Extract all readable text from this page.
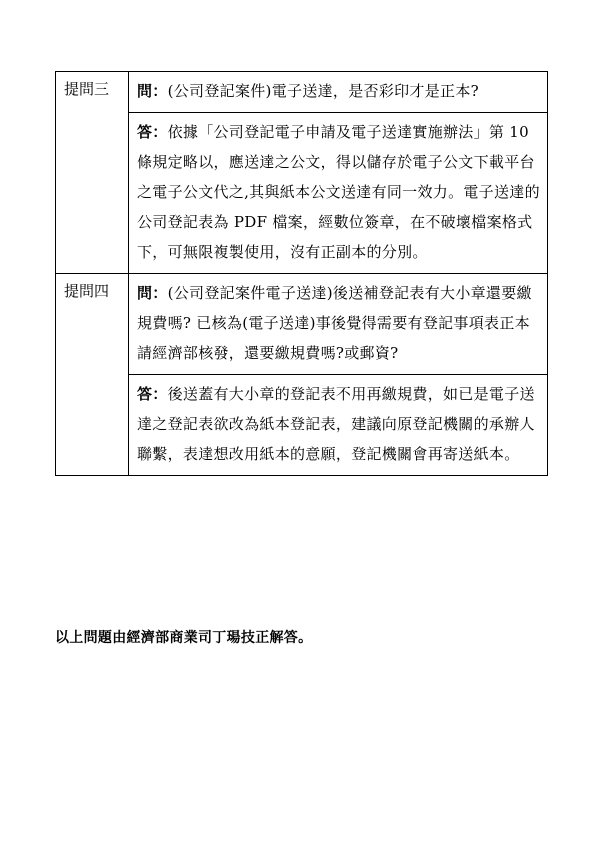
提問三	問：(公司登記案件)電子送達，是否彩印才是正本?
	答：依據「公司登記電子申請及電子送達實施辦法」第 10 條規定略以，應送達之公文，得以儲存於電子公文下載平台之電子公文代之,其與紙本公文送達有同一效力。電子送達的公司登記表為 PDF 檔案，經數位簽章，在不破壞檔案格式下，可無限複製使用，沒有正副本的分別。

提問四	問：(公司登記案件電子送達)後送補登記表有大小章還要繳規費嗎? 已核為(電子送達)事後覺得需要有登記事項表正本請經濟部核發，還要繳規費嗎?或郵資?
	答：後送蓋有大小章的登記表不用再繳規費，如已是電子送達之登記表欲改為紙本登記表，建議向原登記機關的承辦人聯繫，表達想改用紙本的意願，登記機關會再寄送紙本。
以上問題由經濟部商業司丁瑒技正解答。
